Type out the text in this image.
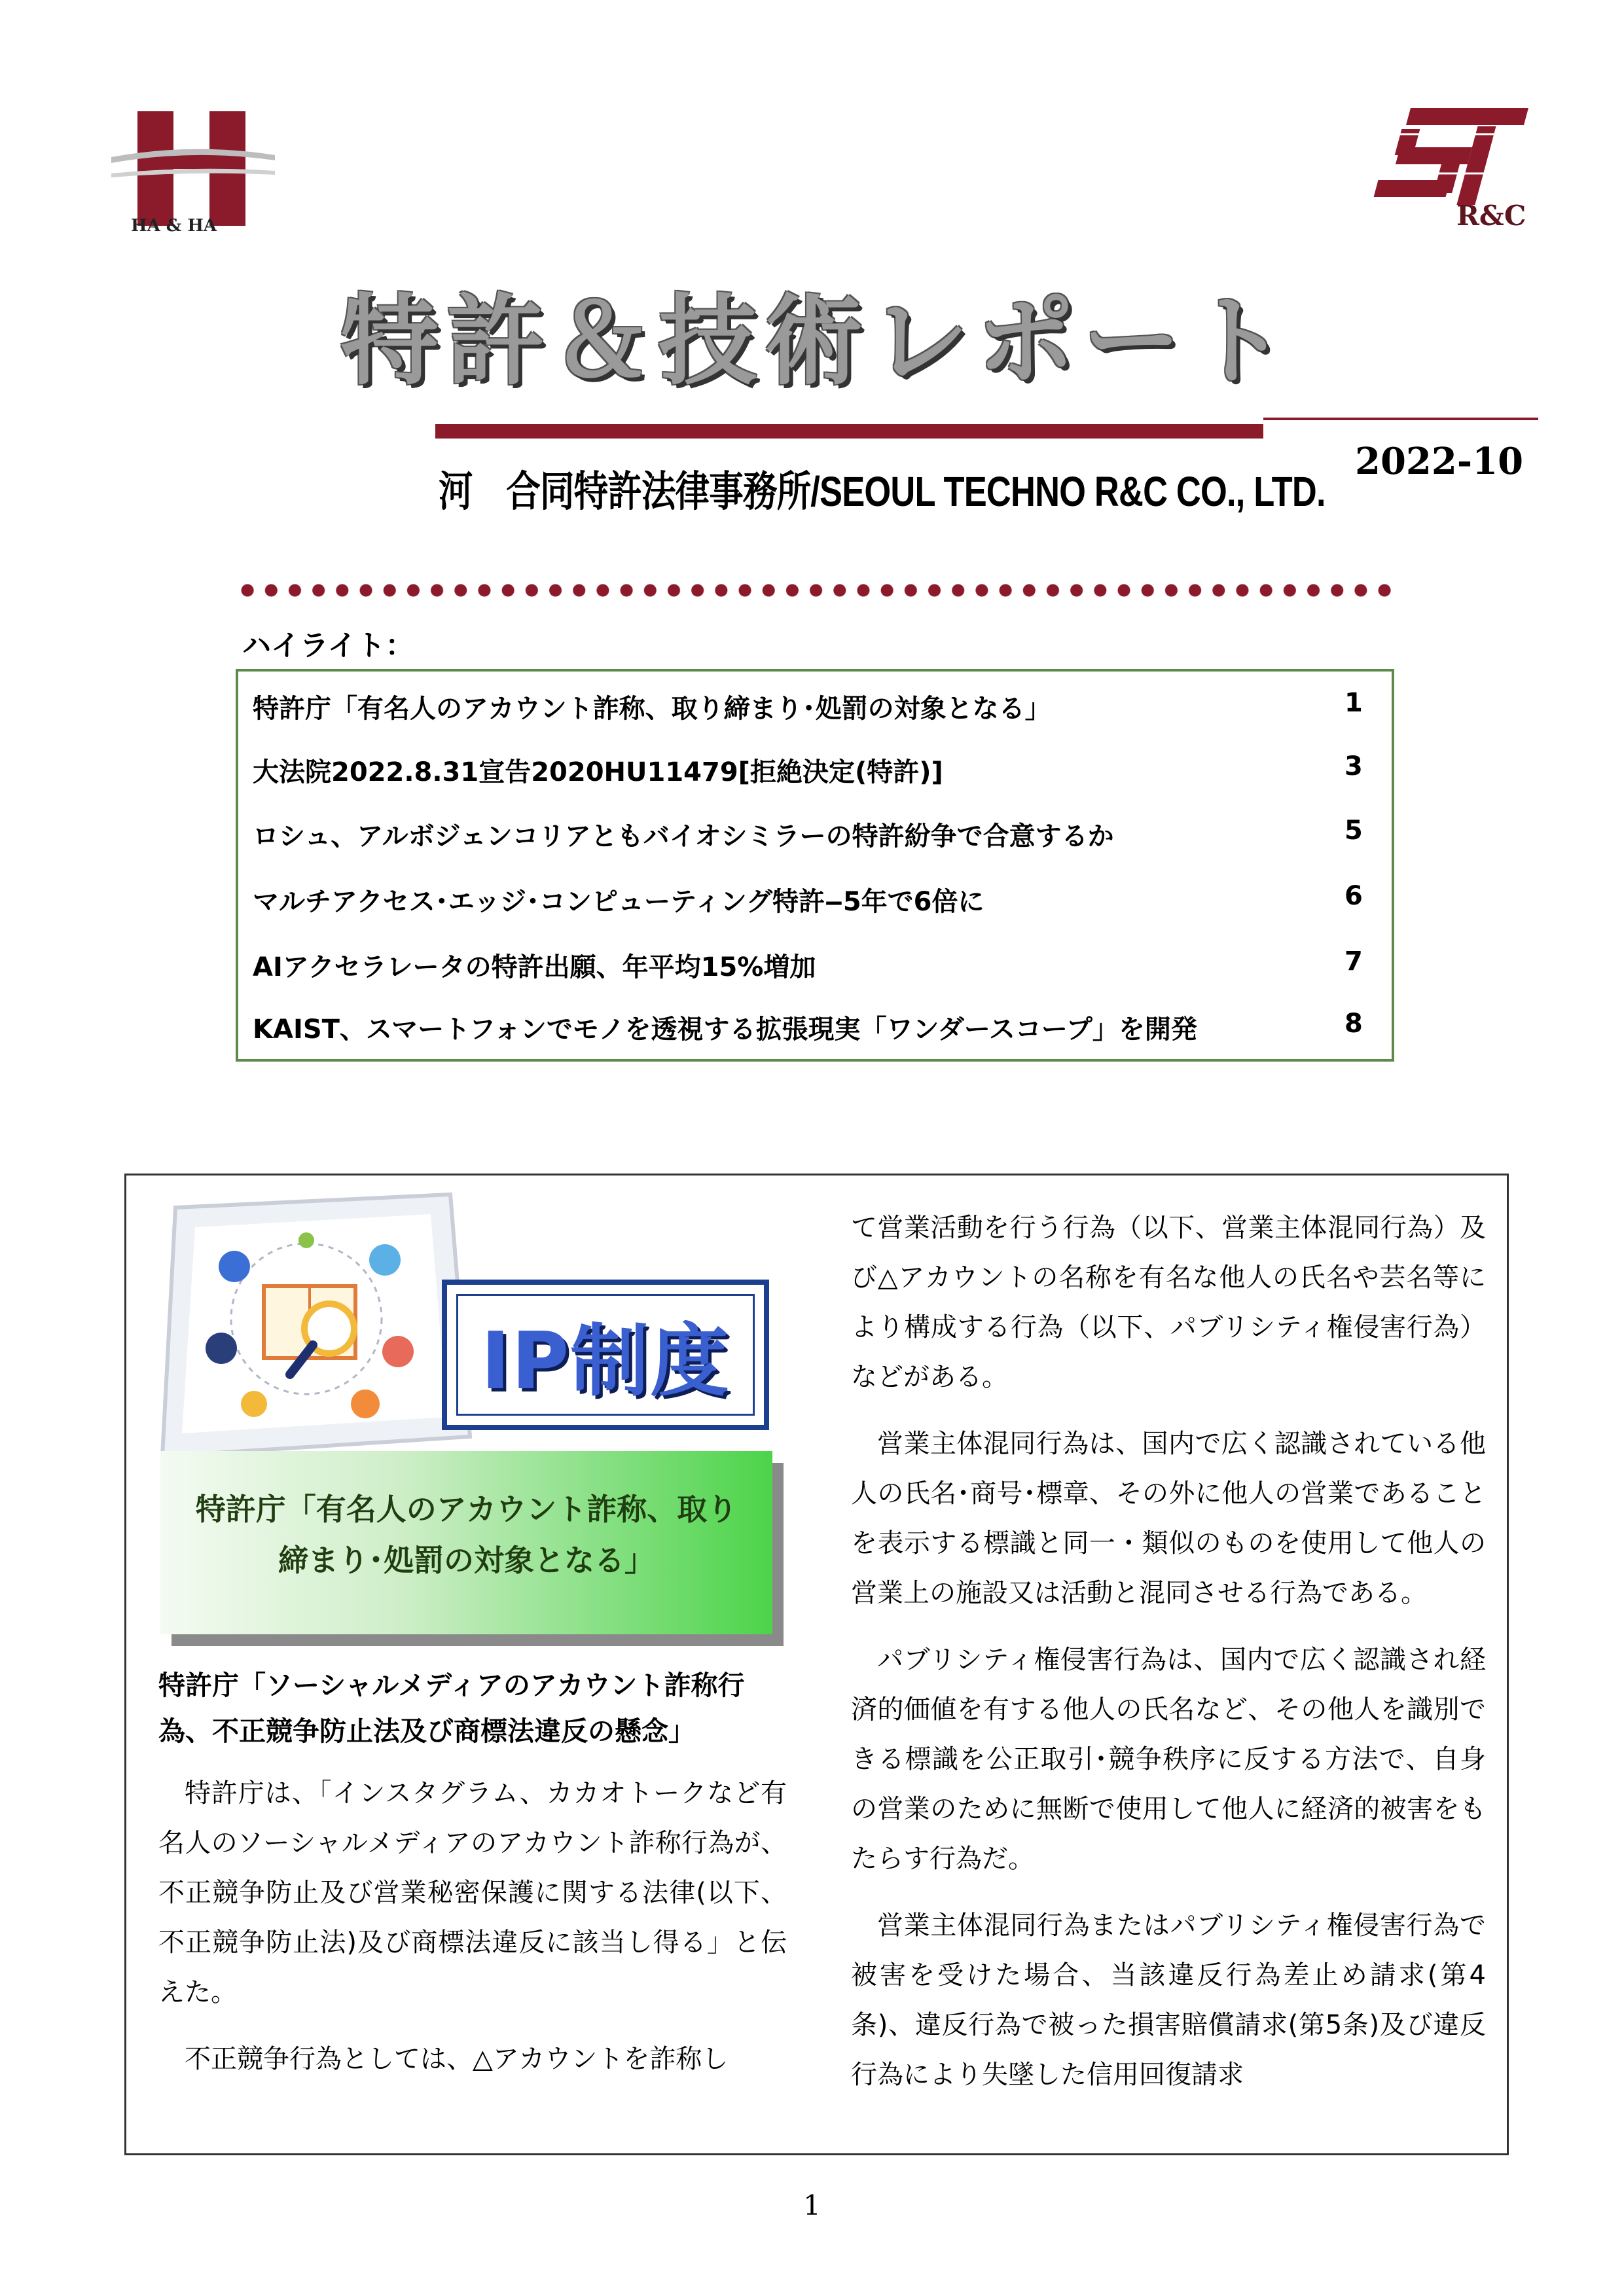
HA & HA	R&C
特許＆技術レポート
河　合同特許法律事務所/SEOUL TECHNO R&C CO., LTD.
2022-10
ハイライト：
特許庁「有名人のアカウント詐称、取り締まり･処罰の対象となる」	1
大法院2022.8.31宣告2020HU11479[拒絶決定(特許)]	3
ロシュ、アルボジェンコリアともバイオシミラーの特許紛争で合意するか	5
マルチアクセス･エッジ･コンピューティング特許‒5年で6倍に	6
AIアクセラレータの特許出願、年平均15%増加	7
KAIST、スマートフォンでモノを透視する拡張現実「ワンダースコープ」を開発	8
IP制度
特許庁「有名人のアカウント詐称、取り
締まり･処罰の対象となる」
特許庁「ソーシャルメディアのアカウント詐称行為、不正競争防止法及び商標法違反の懸念」

特許庁は、「インスタグラム、カカオトークなど有名人のソーシャルメディアのアカウント詐称行為が、不正競争防止及び営業秘密保護に関する法律(以下、不正競争防止法)及び商標法違反に該当し得る」と伝えた。

不正競争行為としては、△アカウントを詐称し

て営業活動を行う行為（以下、営業主体混同行為）及び△アカウントの名称を有名な他人の氏名や芸名等により構成する行為（以下、パブリシティ権侵害行為）などがある。

営業主体混同行為は、国内で広く認識されている他人の氏名･商号･標章、その外に他人の営業であることを表示する標識と同一・類似のものを使用して他人の営業上の施設又は活動と混同させる行為である。

パブリシティ権侵害行為は、国内で広く認識され経済的価値を有する他人の氏名など、その他人を識別できる標識を公正取引･競争秩序に反する方法で、自身の営業のために無断で使用して他人に経済的被害をもたらす行為だ。

営業主体混同行為またはパブリシティ権侵害行為で被害を受けた場合、当該違反行為差止め請求(第4条)、違反行為で被った損害賠償請求(第5条)及び違反行為により失墜した信用回復請求

1
